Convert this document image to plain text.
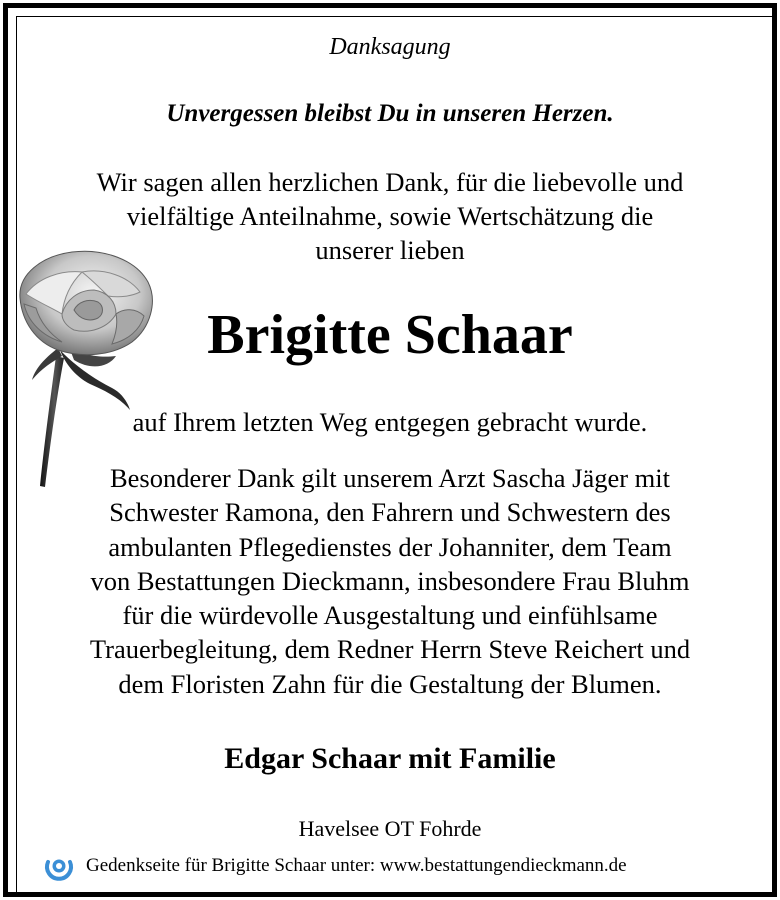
Danksagung

Unvergessen bleibst Du in unseren Herzen.

Wir sagen allen herzlichen Dank, für die liebevolle und
vielfältige Anteilnahme, sowie Wertschätzung die
unserer lieben

Brigitte Schaar

auf Ihrem letzten Weg entgegen gebracht wurde.

Besonderer Dank gilt unserem Arzt Sascha Jäger mit
Schwester Ramona, den Fahrern und Schwestern des
ambulanten Pflegedienstes der Johanniter, dem Team
von Bestattungen Dieckmann, insbesondere Frau Bluhm
für die würdevolle Ausgestaltung und einfühlsame
Trauerbegleitung, dem Redner Herrn Steve Reichert und
dem Floristen Zahn für die Gestaltung der Blumen.

Edgar Schaar mit Familie

Havelsee OT Fohrde

Gedenkseite für Brigitte Schaar unter: www.bestattungendieckmann.de
